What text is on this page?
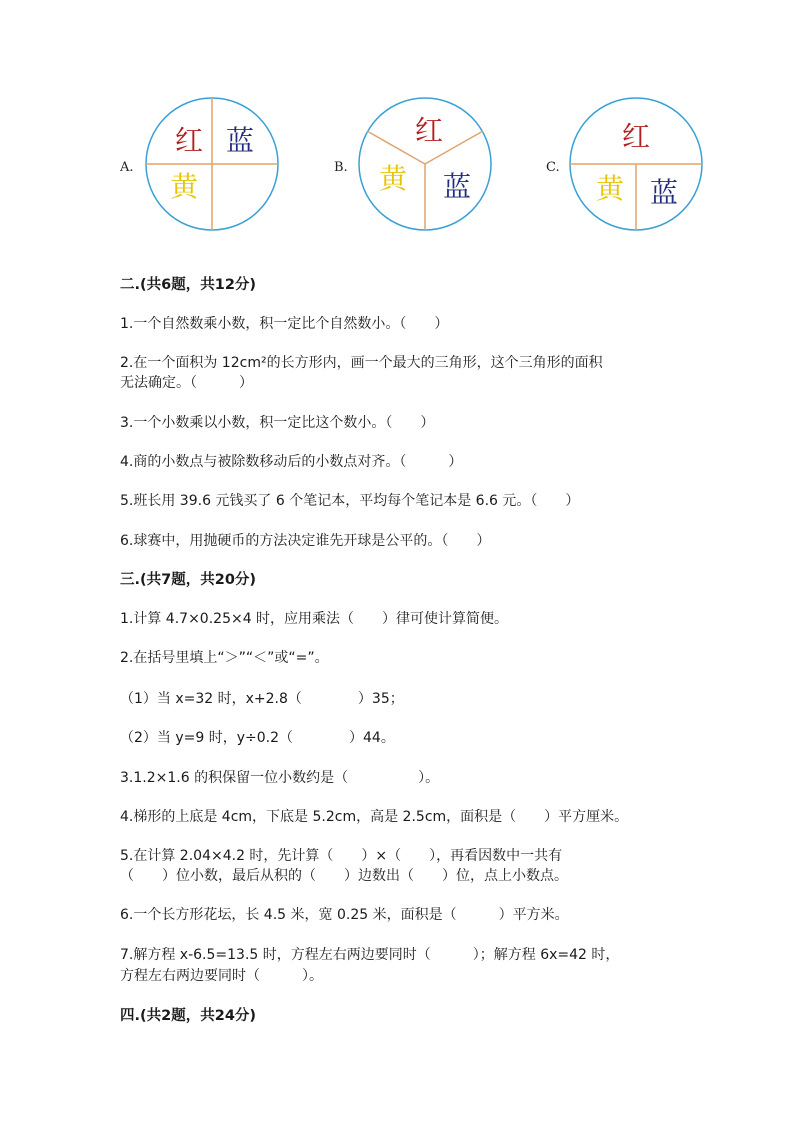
A.
红 蓝
黄
B.
红
黄 蓝
C.
红
黄 蓝
二.(共6题，共12分)
1.一个自然数乘小数，积一定比个自然数小。（　　）
2.在一个面积为 12cm²的长方形内，画一个最大的三角形，这个三角形的面积
无法确定。（　　　）
3.一个小数乘以小数，积一定比这个数小。（　　）
4.商的小数点与被除数移动后的小数点对齐。（　　　）
5.班长用 39.6 元钱买了 6 个笔记本，平均每个笔记本是 6.6 元。（　　）
6.球赛中，用抛硬币的方法决定谁先开球是公平的。（　　）
三.(共7题，共20分)
1.计算 4.7×0.25×4 时，应用乘法（　　）律可使计算简便。
2.在括号里填上“＞”“＜”或“=”。
（1）当 x=32 时，x+2.8（　　　　）35；
（2）当 y=9 时，y÷0.2（　　　　）44。
3.1.2×1.6 的积保留一位小数约是（　　　　　）。
4.梯形的上底是 4cm，下底是 5.2cm，高是 2.5cm，面积是（　　）平方厘米。
5.在计算 2.04×4.2 时，先计算（　　）×（　　），再看因数中一共有
（　　）位小数，最后从积的（　　）边数出（　　）位，点上小数点。
6.一个长方形花坛，长 4.5 米，宽 0.25 米，面积是（　　　）平方米。
7.解方程 x-6.5=13.5 时，方程左右两边要同时（　　　）；解方程 6x=42 时，
方程左右两边要同时（　　　）。
四.(共2题，共24分)
